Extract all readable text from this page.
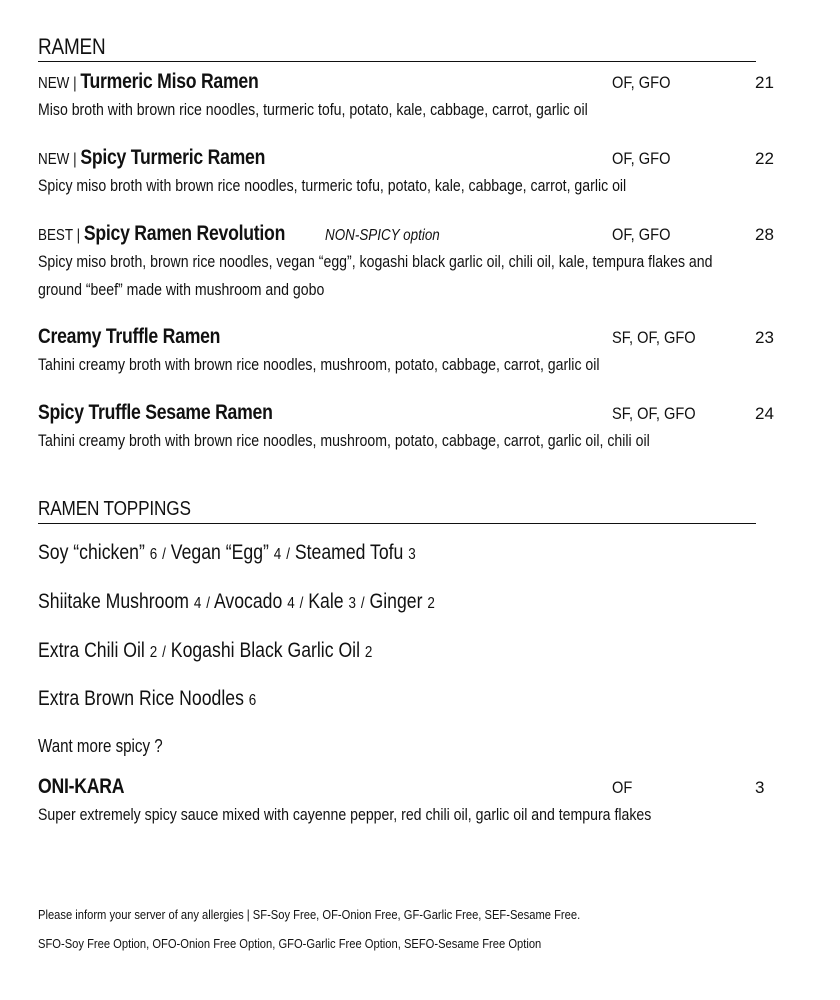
RAMEN
NEW | Turmeric Miso Ramen	OF, GFO	21
Miso broth with brown rice noodles, turmeric tofu, potato, kale, cabbage, carrot, garlic oil
NEW | Spicy Turmeric Ramen	OF, GFO	22
Spicy miso broth with brown rice noodles, turmeric tofu, potato, kale, cabbage, carrot, garlic oil
BEST | Spicy Ramen Revolution NON-SPICY option	OF, GFO	28
Spicy miso broth, brown rice noodles, vegan “egg”, kogashi black garlic oil, chili oil, kale, tempura flakes and
ground “beef” made with mushroom and gobo
Creamy Truffle Ramen	SF, OF, GFO	23
Tahini creamy broth with brown rice noodles, mushroom, potato, cabbage, carrot, garlic oil
Spicy Truffle Sesame Ramen	SF, OF, GFO	24
Tahini creamy broth with brown rice noodles, mushroom, potato, cabbage, carrot, garlic oil, chili oil
RAMEN TOPPINGS
Soy “chicken” 6 / Vegan “Egg” 4 / Steamed Tofu 3
Shiitake Mushroom 4 / Avocado 4 / Kale 3 / Ginger 2
Extra Chili Oil 2 / Kogashi Black Garlic Oil 2
Extra Brown Rice Noodles 6
Want more spicy ?
ONI-KARA	OF	3
Super extremely spicy sauce mixed with cayenne pepper, red chili oil, garlic oil and tempura flakes
Please inform your server of any allergies | SF-Soy Free, OF-Onion Free, GF-Garlic Free, SEF-Sesame Free.
SFO-Soy Free Option, OFO-Onion Free Option, GFO-Garlic Free Option, SEFO-Sesame Free Option
